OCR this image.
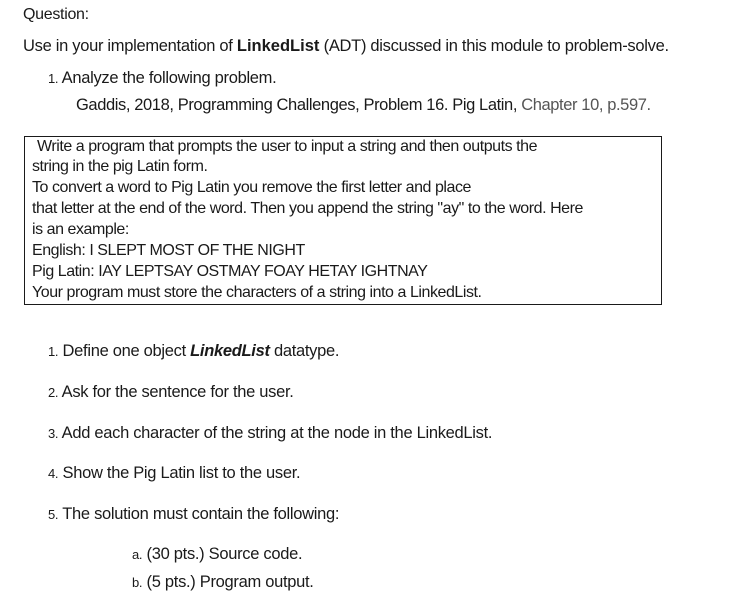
Question:
Use in your implementation of LinkedList (ADT) discussed in this module to problem-solve.
1. Analyze the following problem.
Gaddis, 2018, Programming Challenges, Problem 16. Pig Latin, Chapter 10, p.597.
Write a program that prompts the user to input a string and then outputs the
string in the pig Latin form.
To convert a word to Pig Latin you remove the first letter and place
that letter at the end of the word. Then you append the string "ay" to the word. Here
is an example:
English: I SLEPT MOST OF THE NIGHT
Pig Latin: IAY LEPTSAY OSTMAY FOAY HETAY IGHTNAY
Your program must store the characters of a string into a LinkedList.
1. Define one object LinkedList datatype.
2. Ask for the sentence for the user.
3. Add each character of the string at the node in the LinkedList.
4. Show the Pig Latin list to the user.
5. The solution must contain the following:
a. (30 pts.) Source code.
b. (5 pts.) Program output.
